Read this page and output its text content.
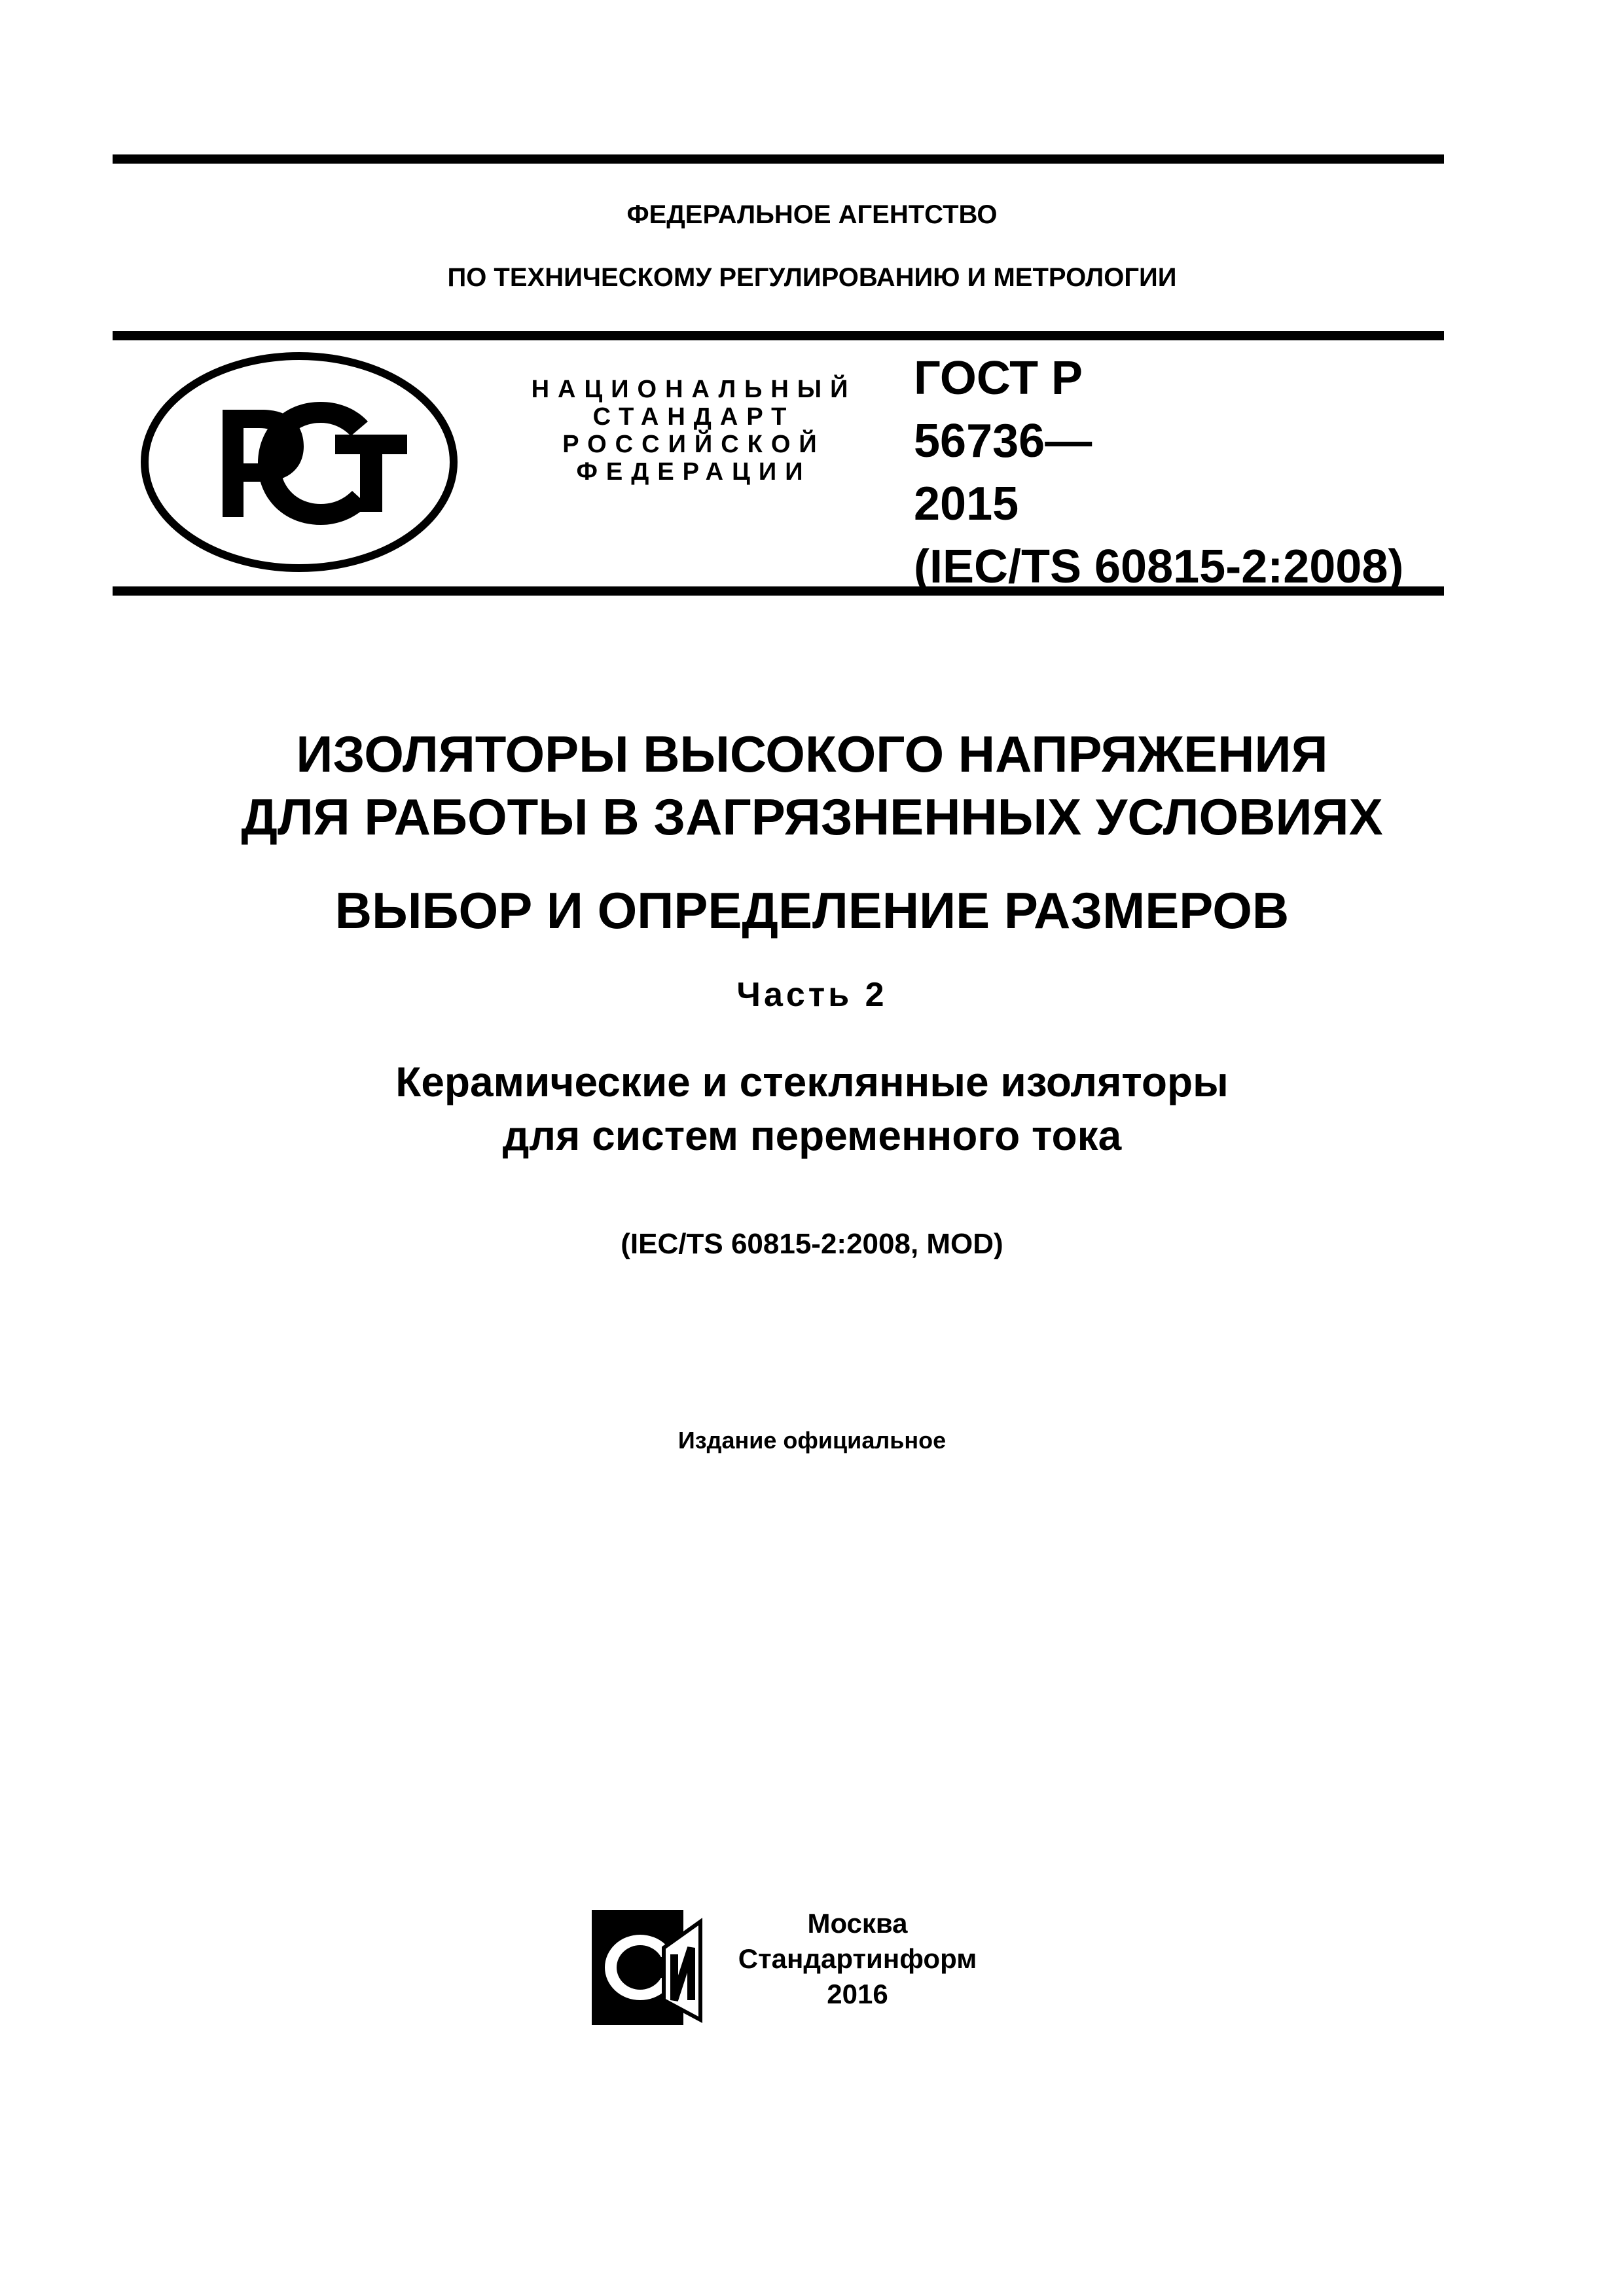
ФЕДЕРАЛЬНОЕ АГЕНТСТВО
ПО ТЕХНИЧЕСКОМУ РЕГУЛИРОВАНИЮ И МЕТРОЛОГИИ
НАЦИОНАЛЬНЫЙ
СТАНДАРТ
РОССИЙСКОЙ
ФЕДЕРАЦИИ
ГОСТ Р
56736—
2015
(IEC/TS 60815-2:2008)
ИЗОЛЯТОРЫ ВЫСОКОГО НАПРЯЖЕНИЯ
ДЛЯ РАБОТЫ В ЗАГРЯЗНЕННЫХ УСЛОВИЯХ
ВЫБОР И ОПРЕДЕЛЕНИЕ РАЗМЕРОВ
Часть 2
Керамические и стеклянные изоляторы
для систем переменного тока
(IEC/TS 60815-2:2008, MOD)
Издание официальное
Москва
Стандартинформ
2016
